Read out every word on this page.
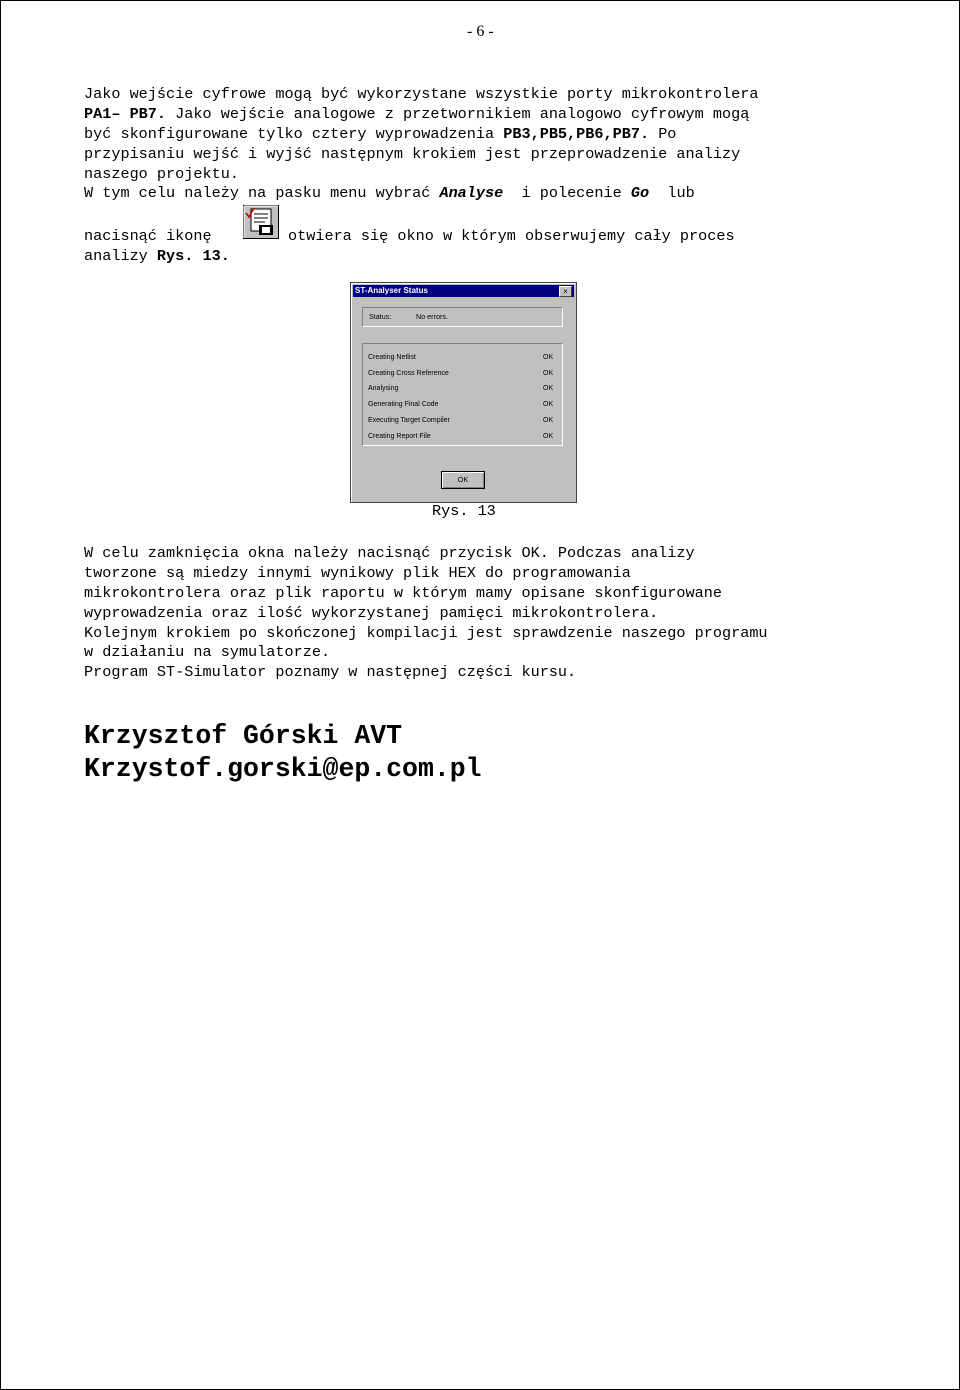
- 6 -
Jako wejście cyfrowe mogą być wykorzystane wszystkie porty mikrokontrolera
PA1– PB7. Jako wejście analogowe z przetwornikiem analogowo cyfrowym mogą
być skonfigurowane tylko cztery wyprowadzenia PB3,PB5,PB6,PB7. Po
przypisaniu wejść i wyjść następnym krokiem jest przeprowadzenie analizy
naszego projektu.
W tym celu należy na pasku menu wybrać Analyse  i polecenie Go  lub
nacisnąć ikonę	otwiera się okno w którym obserwujemy cały proces
analizy Rys. 13.
ST-Analyser Status	×
Status:	No errors.
Creating Netlist	OK
Creating Cross Reference	OK
Analysing	OK
Generating Final Code	OK
Executing Target Compiler	OK
Creating Report File	OK
OK
Rys. 13
W celu zamknięcia okna należy nacisnąć przycisk OK. Podczas analizy
tworzone są miedzy innymi wynikowy plik HEX do programowania
mikrokontrolera oraz plik raportu w którym mamy opisane skonfigurowane
wyprowadzenia oraz ilość wykorzystanej pamięci mikrokontrolera.
Kolejnym krokiem po skończonej kompilacji jest sprawdzenie naszego programu
w działaniu na symulatorze.
Program ST-Simulator poznamy w następnej części kursu.
Krzysztof Górski AVT
Krzystof.gorski@ep.com.pl
